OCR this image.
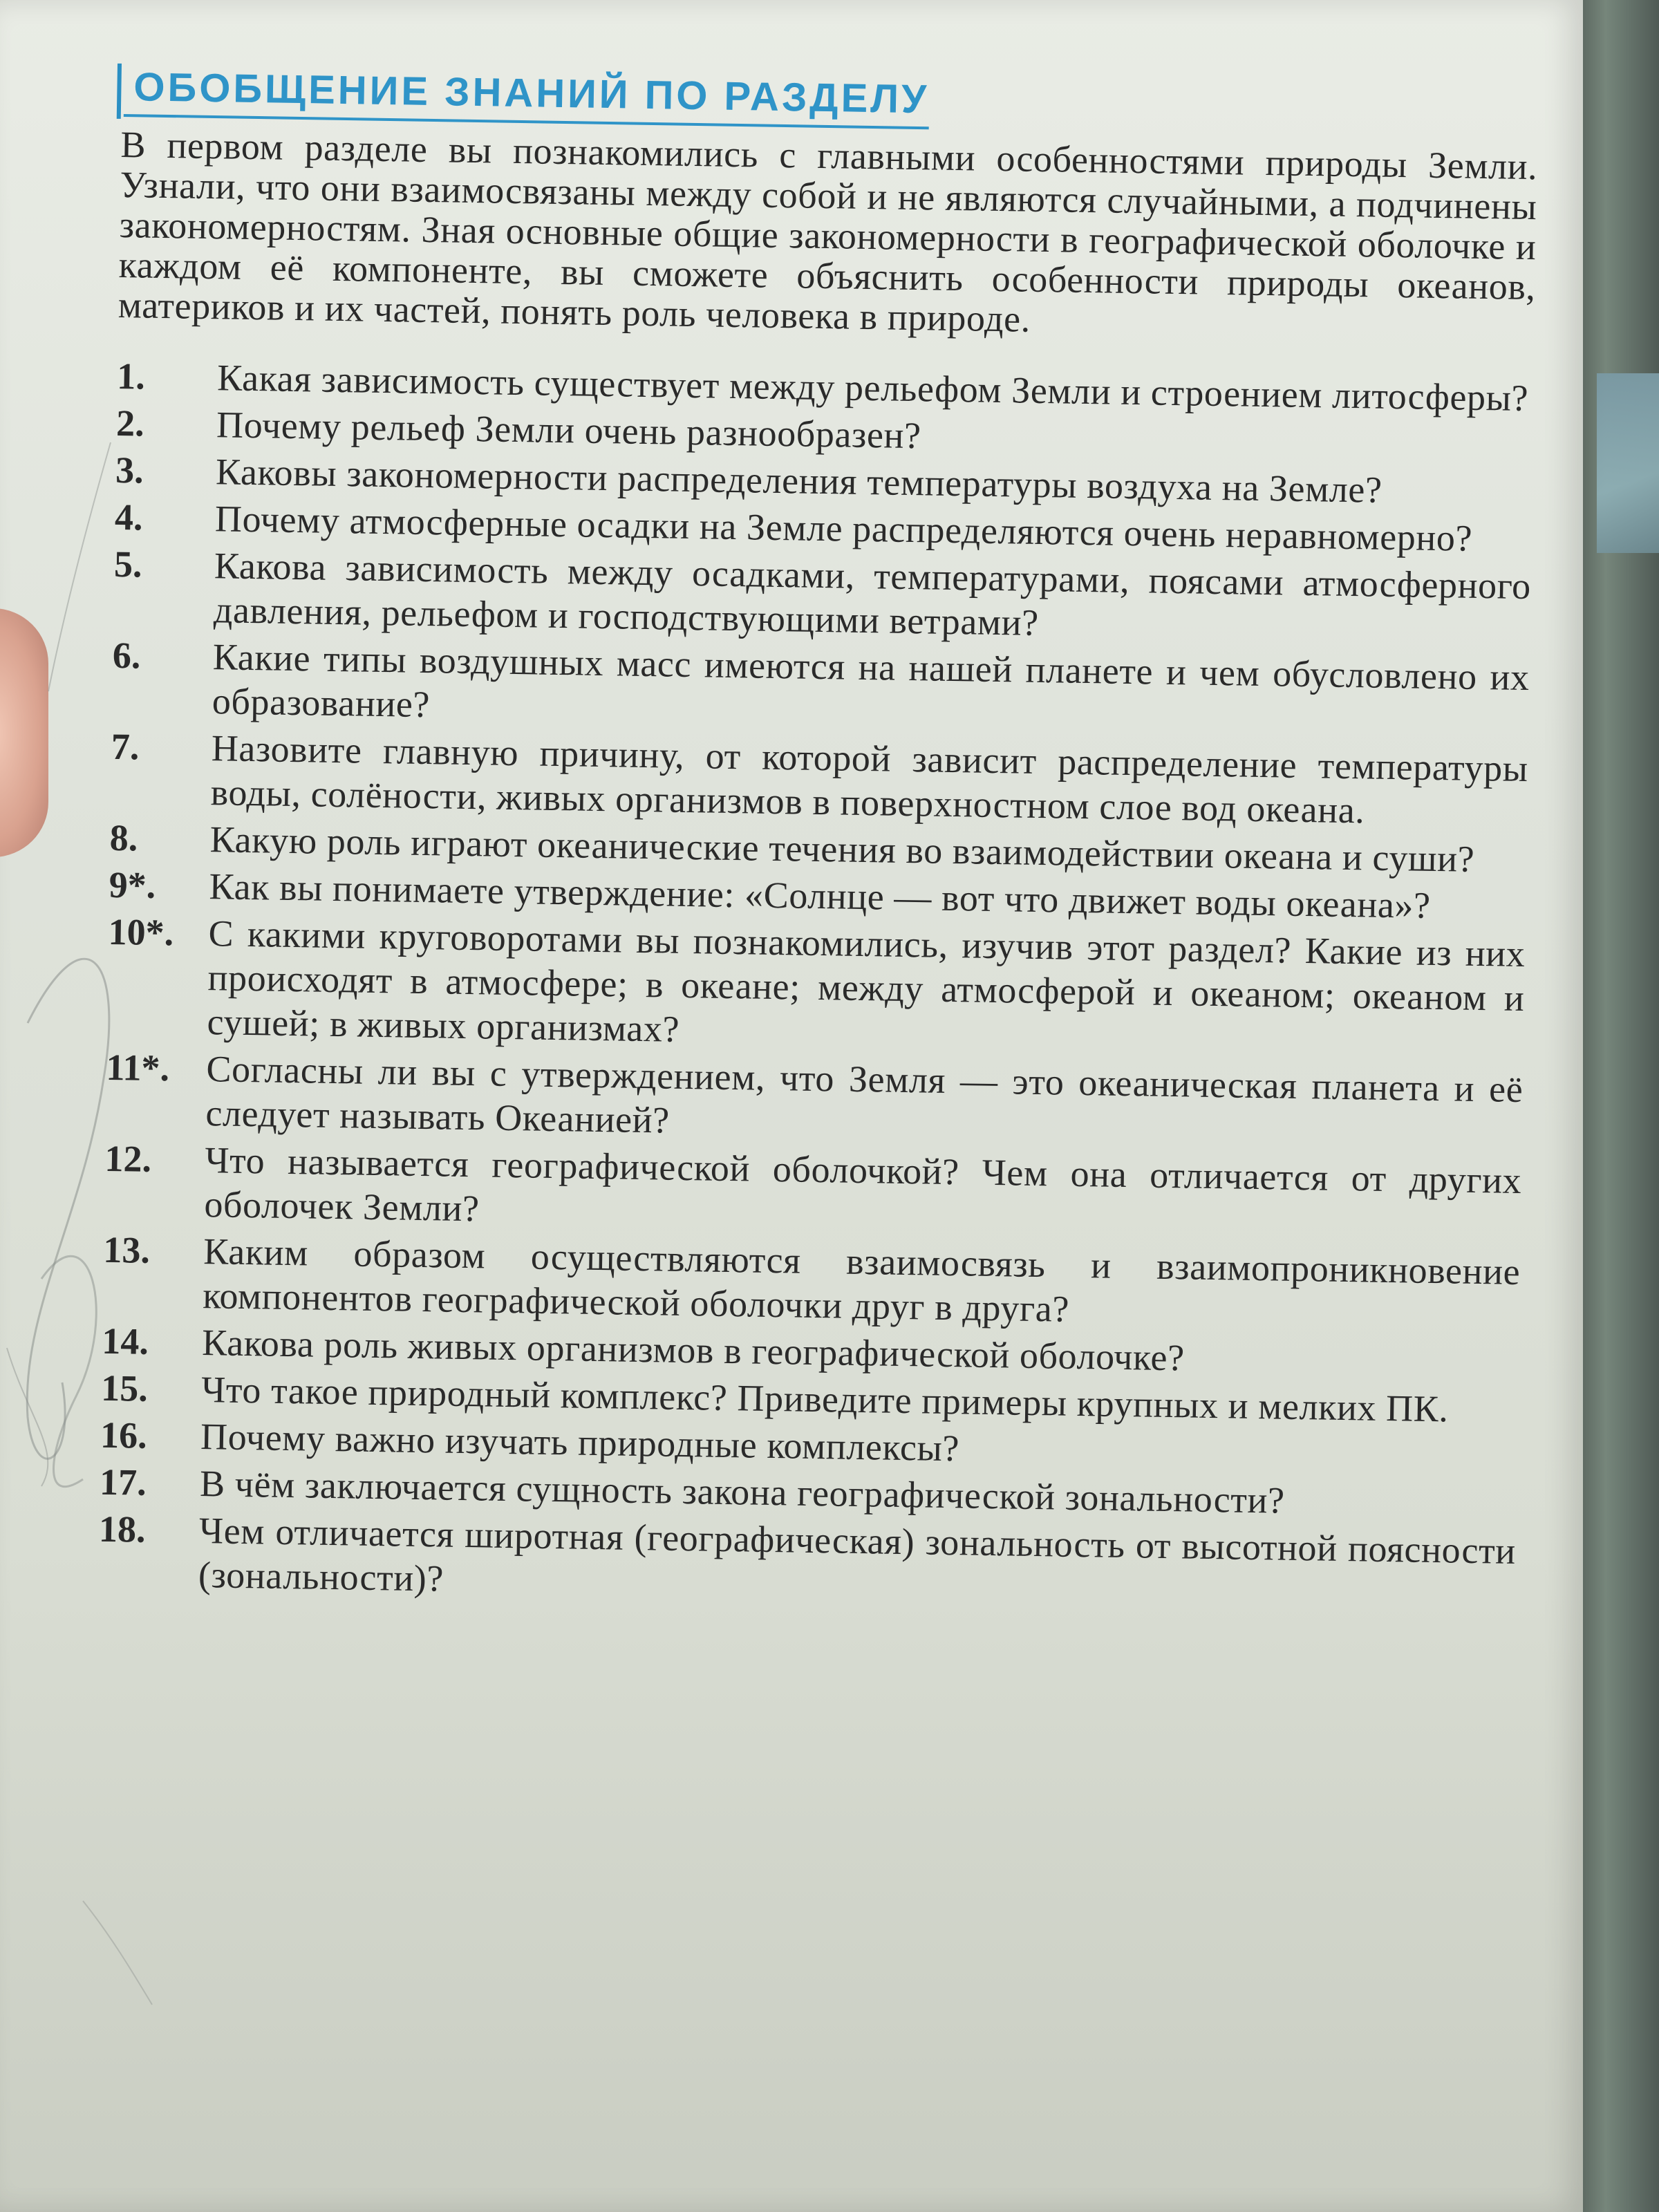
ОБОБЩЕНИЕ ЗНАНИЙ ПО РАЗДЕЛУ

В первом разделе вы познакомились с главными особенностями природы Земли. Узнали, что они взаимосвязаны между собой и не являются случайными, а подчинены закономерностям. Зная основные общие закономерности в географической оболочке и каждом её компоненте, вы сможете объяснить особенности природы океанов, материков и их частей, понять роль человека в природе.

1.	Какая зависимость существует между рельефом Земли и строением литосферы?
2.	Почему рельеф Земли очень разнообразен?
3.	Каковы закономерности распределения температуры воздуха на Земле?
4.	Почему атмосферные осадки на Земле распределяются очень неравномерно?
5.	Какова зависимость между осадками, температурами, поясами атмосферного давления, рельефом и господствующими ветрами?
6.	Какие типы воздушных масс имеются на нашей планете и чем обусловлено их образование?
7.	Назовите главную причину, от которой зависит распределение температуры воды, солёности, живых организмов в поверхностном слое вод океана.
8.	Какую роль играют океанические течения во взаимодействии океана и суши?
9*.	Как вы понимаете утверждение: «Солнце — вот что движет воды океана»?
10*. С какими круговоротами вы познакомились, изучив этот раздел? Какие из них происходят в атмосфере; в океане; между атмосферой и океаном; океаном и сушей; в живых организмах?
11*. Согласны ли вы с утверждением, что Земля — это океаническая планета и её следует называть Океанией?
12.	Что называется географической оболочкой? Чем она отличается от других оболочек Земли?
13.	Каким образом осуществляются взаимосвязь и взаимопроникновение компонентов географической оболочки друг в друга?
14.	Какова роль живых организмов в географической оболочке?
15.	Что такое природный комплекс? Приведите примеры крупных и мелких ПК.
16.	Почему важно изучать природные комплексы?
17.	В чём заключается сущность закона географической зональности?
18.	Чем отличается широтная (географическая) зональность от высотной поясности (зональности)?
